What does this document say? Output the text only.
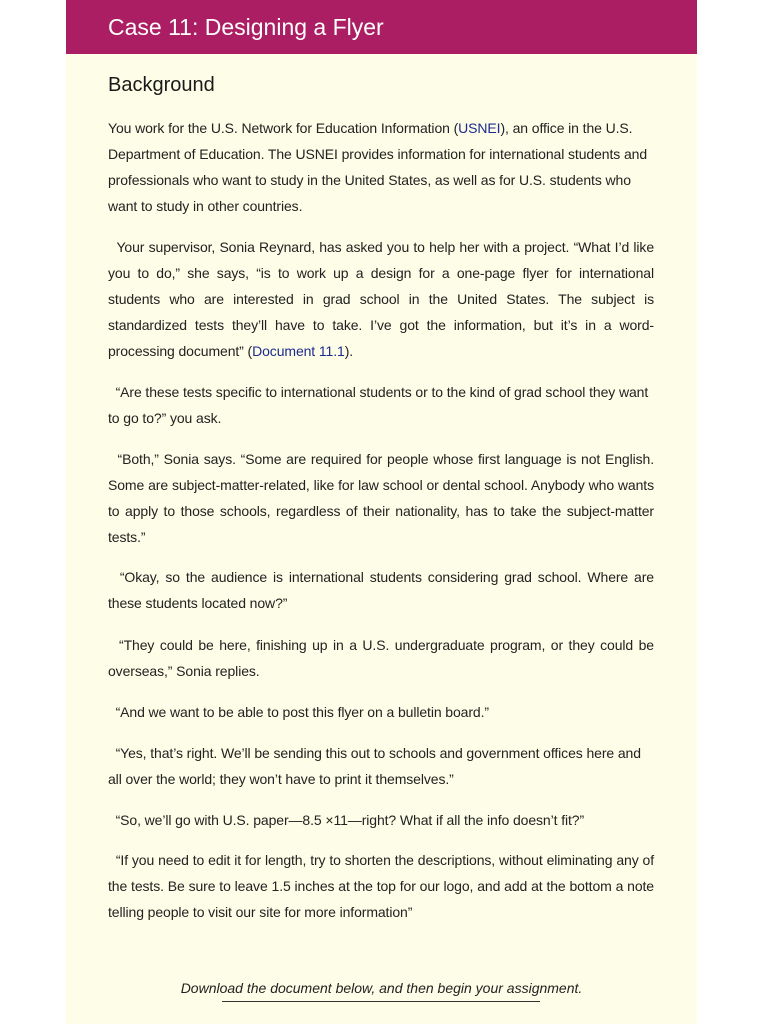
Case 11: Designing a Flyer
Background
You work for the U.S. Network for Education Information (USNEI), an office in the U.S. Department of Education. The USNEI provides information for international students and professionals who want to study in the United States, as well as for U.S. students who want to study in other countries.
Your supervisor, Sonia Reynard, has asked you to help her with a project. “What I’d like you to do,” she says, “is to work up a design for a one-page flyer for international students who are interested in grad school in the United States. The subject is standardized tests they’ll have to take. I’ve got the information, but it’s in a word-processing document” (Document 11.1).
“Are these tests specific to international students or to the kind of grad school they want to go to?” you ask.
“Both,” Sonia says. “Some are required for people whose first language is not English. Some are subject-matter-related, like for law school or dental school. Anybody who wants to apply to those schools, regardless of their nationality, has to take the subject-matter tests.”
“Okay, so the audience is international students considering grad school. Where are these students located now?”
“They could be here, finishing up in a U.S. undergraduate program, or they could be overseas,” Sonia replies.
“And we want to be able to post this flyer on a bulletin board.”
“Yes, that’s right. We’ll be sending this out to schools and government offices here and all over the world; they won’t have to print it themselves.”
“So, we’ll go with U.S. paper—8.5 ×11—right? What if all the info doesn’t fit?”
“If you need to edit it for length, try to shorten the descriptions, without eliminating any of the tests. Be sure to leave 1.5 inches at the top for our logo, and add at the bottom a note telling people to visit our site for more information”
Download the document below, and then begin your assignment.
